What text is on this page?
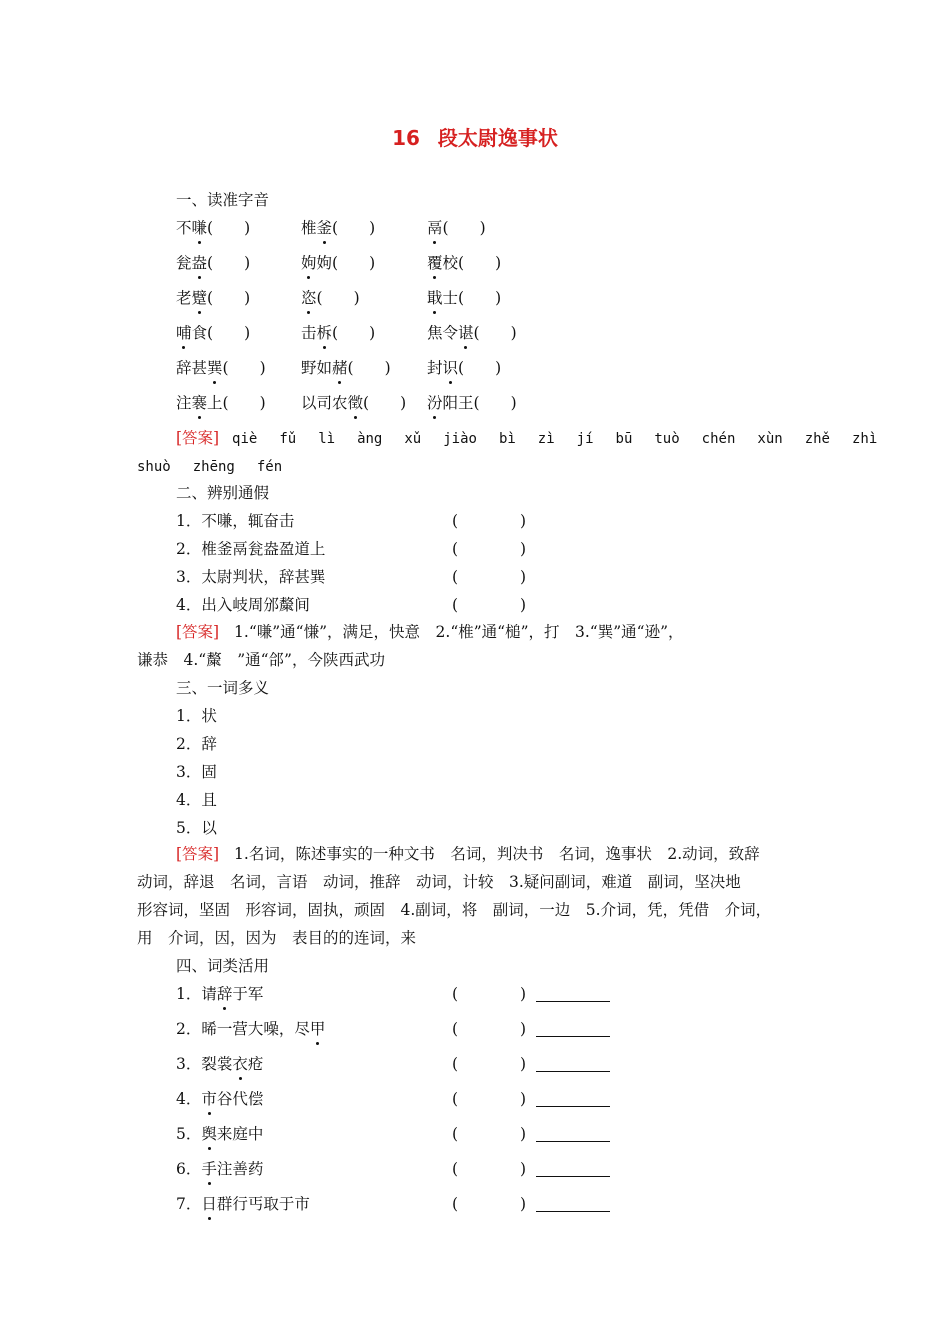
16 段太尉逸事状
一、读准字音
不嗛(　　)	椎釜(　　)	鬲(　　)
瓮盎(　　)	姁姁(　　)	覆校(　　)
老躄(　　)	恣(　　)	戢士(　　)
哺食(　　)	击柝(　　)	焦令谌(　　)
辞甚巽(　　) 野如赭(　　) 封识(　　)
注褰上(　　) 以司农徵(　　) 汾阳王(　　)
[答案] qiè fǔ lì àng xǔ jiào bì zì jí bū tuò chén xùn zhě zhì
shuò zhēng fén
二、辨别通假
1．不嗛，辄奋击	(　　　　)
2．椎釜鬲瓮盎盈道上	(　　　　)
3．太尉判状，辞甚巽	(　　　　)
4．出入岐周邠斄间	(　　　　)
[答案] 1.“嗛”通“慊”，满足，快意　2.“椎”通“槌”，打　3.“巽”通“逊”，
谦恭　4.“斄　”通“郃”，今陕西武功
三、一词多义
1．状
2．辞
3．固
4．且
5．以
[答案] 1.名词，陈述事实的一种文书　名词，判决书　名词，逸事状　2.动词，致辞
动词，辞退　名词，言语　动词，推辞　动词，计较　3.疑问副词，难道　副词，坚决地
形容词，坚固　形容词，固执，顽固　4.副词，将　副词，一边　5.介词，凭，凭借　介词，
用　介词，因，因为　表目的的连词，来
四、词类活用
1．请辞于军	(　　　　)
2．晞一营大噪，尽甲	(　　　　)
3．裂裳衣疮	(　　　　)
4．市谷代偿	(　　　　)
5．舆来庭中	(　　　　)
6．手注善药	(　　　　)
7．日群行丐取于市	(　　　　)
